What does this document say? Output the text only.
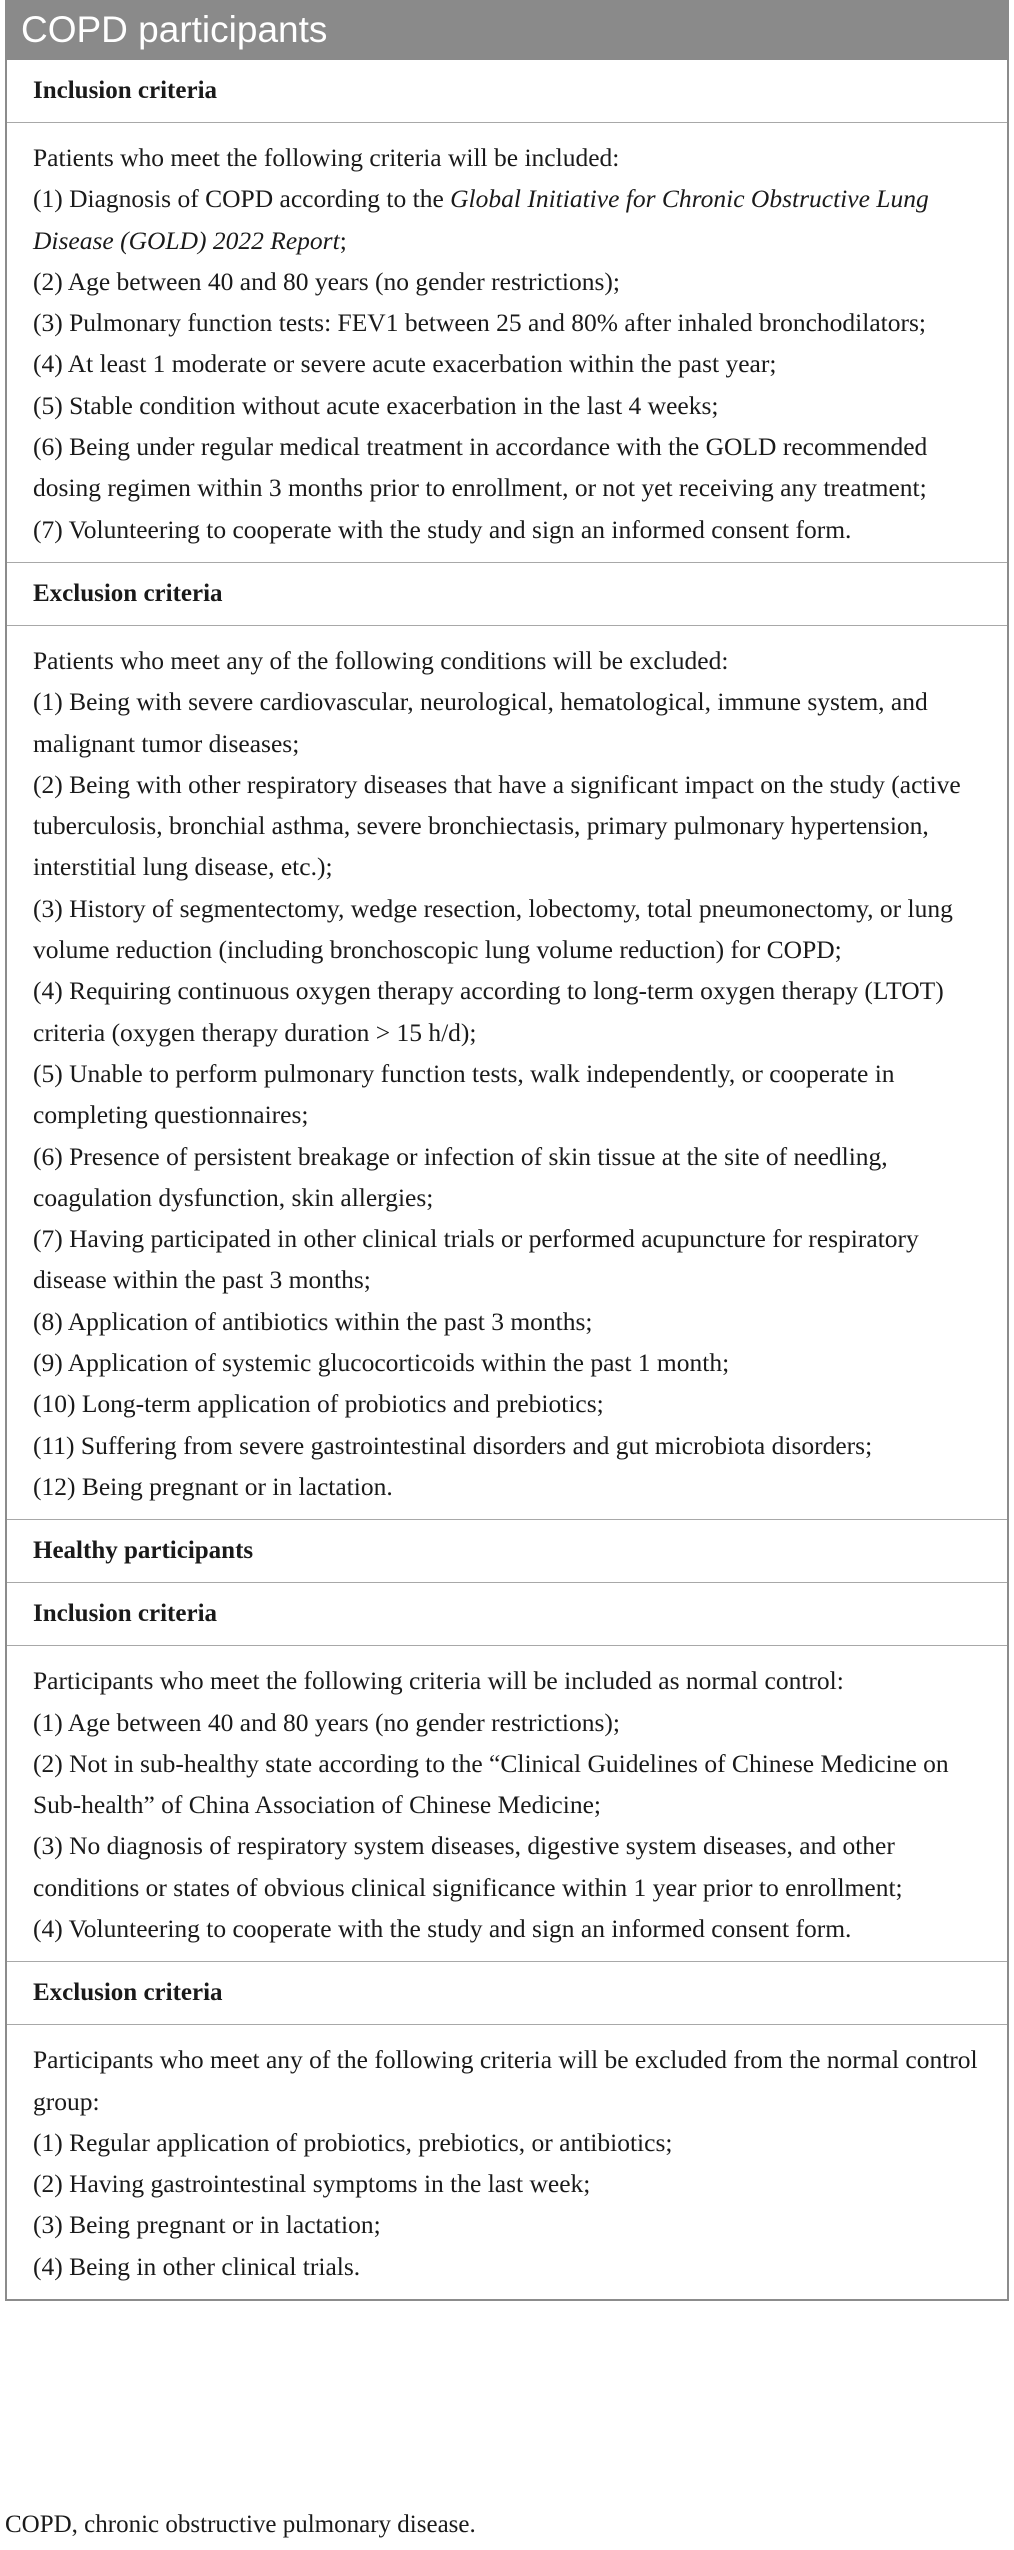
COPD participants
Inclusion criteria
Patients who meet the following criteria will be included:
(1) Diagnosis of COPD according to the Global Initiative for Chronic Obstructive Lung Disease (GOLD) 2022 Report;
(2) Age between 40 and 80 years (no gender restrictions);
(3) Pulmonary function tests: FEV1 between 25 and 80% after inhaled bronchodilators;
(4) At least 1 moderate or severe acute exacerbation within the past year;
(5) Stable condition without acute exacerbation in the last 4 weeks;
(6) Being under regular medical treatment in accordance with the GOLD recommended dosing regimen within 3 months prior to enrollment, or not yet receiving any treatment;
(7) Volunteering to cooperate with the study and sign an informed consent form.
Exclusion criteria
Patients who meet any of the following conditions will be excluded:
(1) Being with severe cardiovascular, neurological, hematological, immune system, and malignant tumor diseases;
(2) Being with other respiratory diseases that have a significant impact on the study (active tuberculosis, bronchial asthma, severe bronchiectasis, primary pulmonary hypertension, interstitial lung disease, etc.);
(3) History of segmentectomy, wedge resection, lobectomy, total pneumonectomy, or lung volume reduction (including bronchoscopic lung volume reduction) for COPD;
(4) Requiring continuous oxygen therapy according to long-term oxygen therapy (LTOT) criteria (oxygen therapy duration > 15 h/d);
(5) Unable to perform pulmonary function tests, walk independently, or cooperate in completing questionnaires;
(6) Presence of persistent breakage or infection of skin tissue at the site of needling, coagulation dysfunction, skin allergies;
(7) Having participated in other clinical trials or performed acupuncture for respiratory disease within the past 3 months;
(8) Application of antibiotics within the past 3 months;
(9) Application of systemic glucocorticoids within the past 1 month;
(10) Long-term application of probiotics and prebiotics;
(11) Suffering from severe gastrointestinal disorders and gut microbiota disorders;
(12) Being pregnant or in lactation.
Healthy participants
Inclusion criteria
Participants who meet the following criteria will be included as normal control:
(1) Age between 40 and 80 years (no gender restrictions);
(2) Not in sub-healthy state according to the “Clinical Guidelines of Chinese Medicine on Sub-health” of China Association of Chinese Medicine;
(3) No diagnosis of respiratory system diseases, digestive system diseases, and other conditions or states of obvious clinical significance within 1 year prior to enrollment;
(4) Volunteering to cooperate with the study and sign an informed consent form.
Exclusion criteria
Participants who meet any of the following criteria will be excluded from the normal control group:
(1) Regular application of probiotics, prebiotics, or antibiotics;
(2) Having gastrointestinal symptoms in the last week;
(3) Being pregnant or in lactation;
(4) Being in other clinical trials.
COPD, chronic obstructive pulmonary disease.
